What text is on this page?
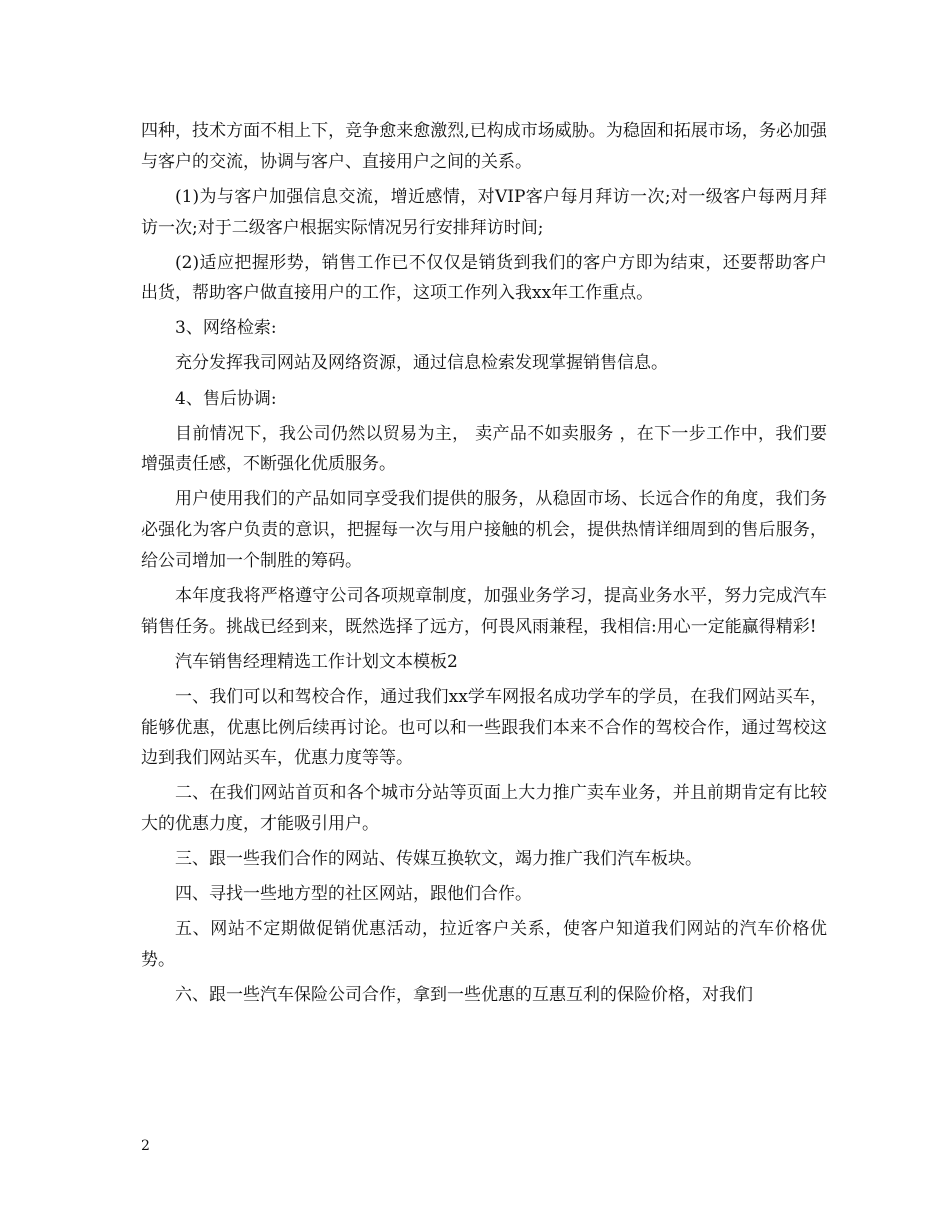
四种，技术方面不相上下，竞争愈来愈激烈,已构成市场威胁。为稳固和拓展市场，务必加强与客户的交流，协调与客户、直接用户之间的关系。

(1)为与客户加强信息交流，增近感情，对VIP客户每月拜访一次;对一级客户每两月拜访一次;对于二级客户根据实际情况另行安排拜访时间;

(2)适应把握形势，销售工作已不仅仅是销货到我们的客户方即为结束，还要帮助客户出货，帮助客户做直接用户的工作，这项工作列入我xx年工作重点。

3、网络检索:

充分发挥我司网站及网络资源，通过信息检索发现掌握销售信息。

4、售后协调:

目前情况下，我公司仍然以贸易为主， 卖产品不如卖服务 ，在下一步工作中，我们要增强责任感，不断强化优质服务。

用户使用我们的产品如同享受我们提供的服务，从稳固市场、长远合作的角度，我们务必强化为客户负责的意识，把握每一次与用户接触的机会，提供热情详细周到的售后服务，给公司增加一个制胜的筹码。

本年度我将严格遵守公司各项规章制度，加强业务学习，提高业务水平，努力完成汽车销售任务。挑战已经到来，既然选择了远方，何畏风雨兼程，我相信:用心一定能赢得精彩!

汽车销售经理精选工作计划文本模板2

一、我们可以和驾校合作，通过我们xx学车网报名成功学车的学员，在我们网站买车，能够优惠，优惠比例后续再讨论。也可以和一些跟我们本来不合作的驾校合作，通过驾校这边到我们网站买车，优惠力度等等。

二、在我们网站首页和各个城市分站等页面上大力推广卖车业务，并且前期肯定有比较大的优惠力度，才能吸引用户。

三、跟一些我们合作的网站、传媒互换软文，竭力推广我们汽车板块。

四、寻找一些地方型的社区网站，跟他们合作。

五、网站不定期做促销优惠活动，拉近客户关系，使客户知道我们网站的汽车价格优势。

六、跟一些汽车保险公司合作，拿到一些优惠的互惠互利的保险价格，对我们

2
